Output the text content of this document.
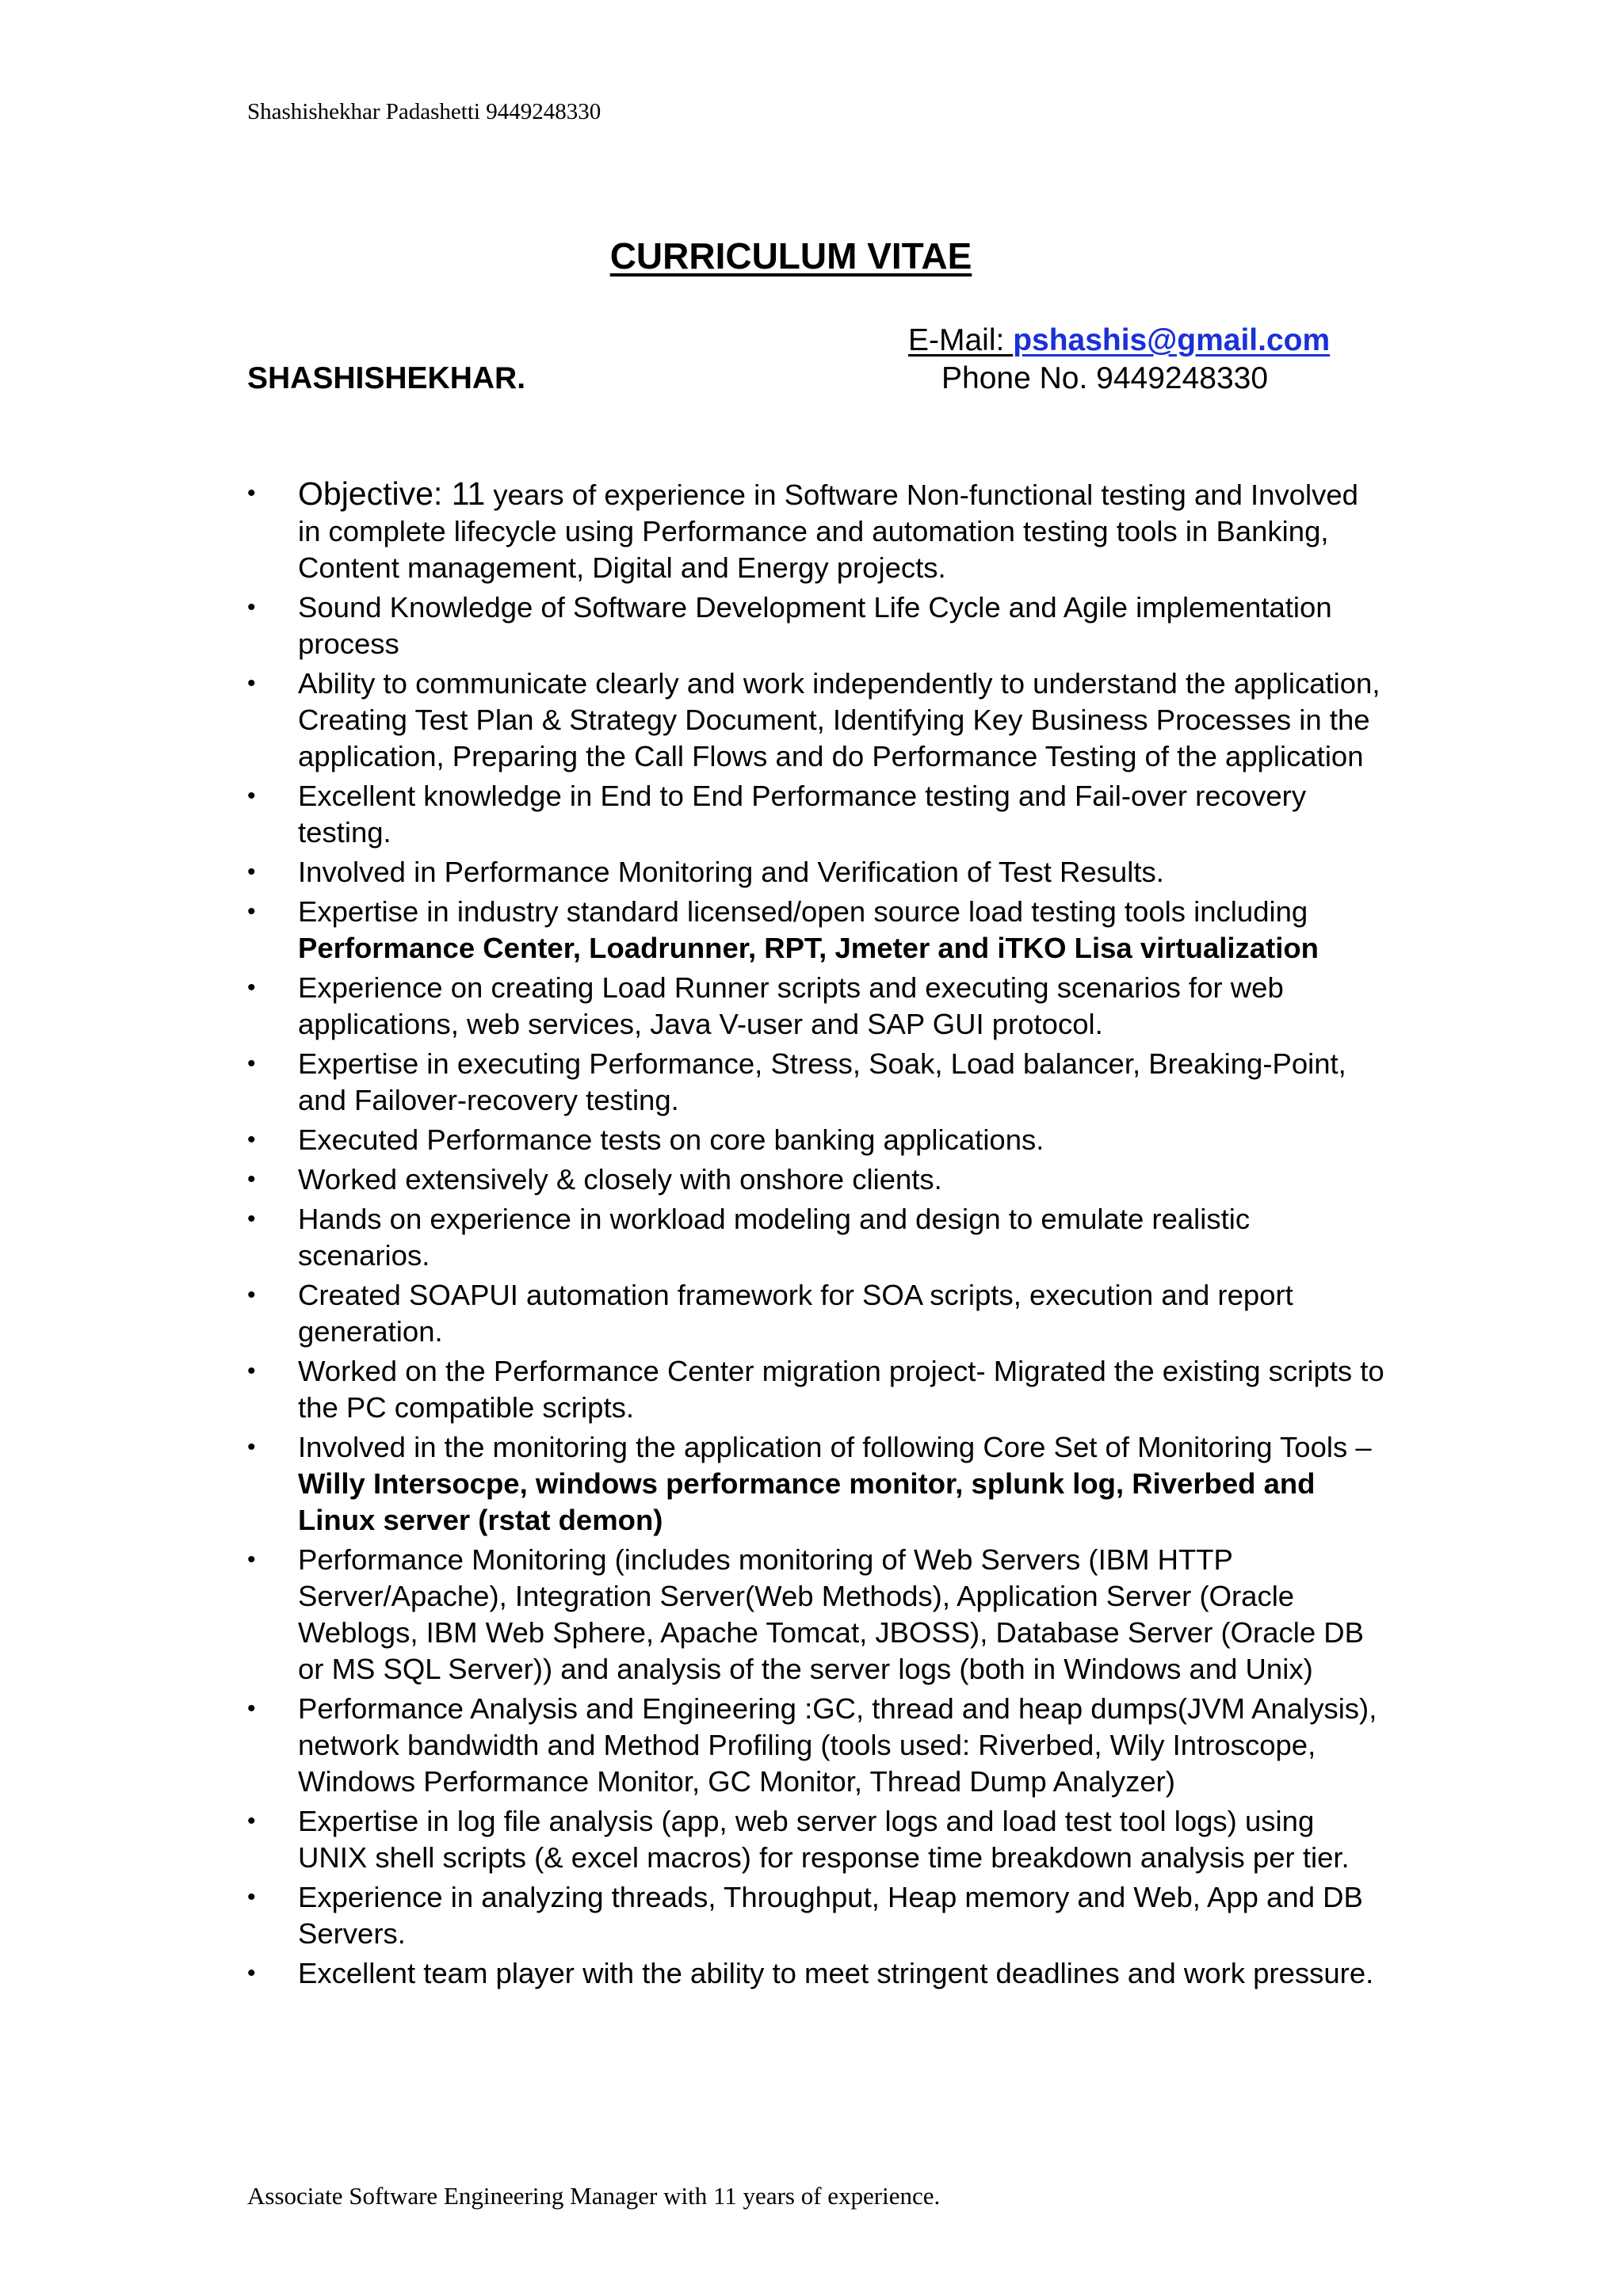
Shashishekhar Padashetti 9449248330
CURRICULUM VITAE
E-Mail: pshashis@gmail.com
SHASHISHEKHAR.	Phone No. 9449248330
•	Objective: 11 years of experience in Software Non-functional testing and Involved in complete lifecycle using Performance and automation testing tools in Banking, Content management, Digital and Energy projects.
•	Sound Knowledge of Software Development Life Cycle and Agile implementation process
•	Ability to communicate clearly and work independently to understand the application, Creating Test Plan & Strategy Document, Identifying Key Business Processes in the application, Preparing the Call Flows and do Performance Testing of the application
•	Excellent knowledge in End to End Performance testing and Fail-over recovery testing.
•	Involved in Performance Monitoring and Verification of Test Results.
•	Expertise in industry standard licensed/open source load testing tools including Performance Center, Loadrunner, RPT, Jmeter and iTKO Lisa virtualization
•	Experience on creating Load Runner scripts and executing scenarios for web applications, web services, Java V-user and SAP GUI protocol.
•	Expertise in executing Performance, Stress, Soak, Load balancer, Breaking-Point, and Failover-recovery testing.
•	Executed Performance tests on core banking applications.
•	Worked extensively & closely with onshore clients.
•	Hands on experience in workload modeling and design to emulate realistic scenarios.
•	Created SOAPUI automation framework for SOA scripts, execution and report generation.
•	Worked on the Performance Center migration project- Migrated the existing scripts to the PC compatible scripts.
•	Involved in the monitoring the application of following Core Set of Monitoring Tools – Willy Intersocpe, windows performance monitor, splunk log, Riverbed and Linux server (rstat demon)
•	Performance Monitoring (includes monitoring of Web Servers (IBM HTTP Server/Apache), Integration Server(Web Methods), Application Server (Oracle Weblogs, IBM Web Sphere, Apache Tomcat, JBOSS), Database Server (Oracle DB or MS SQL Server)) and analysis of the server logs (both in Windows and Unix)
•	Performance Analysis and Engineering :GC, thread and heap dumps(JVM Analysis), network bandwidth and Method Profiling (tools used: Riverbed, Wily Introscope, Windows Performance Monitor, GC Monitor, Thread Dump Analyzer)
•	Expertise in log file analysis (app, web server logs and load test tool logs) using UNIX shell scripts (& excel macros) for response time breakdown analysis per tier.
•	Experience in analyzing threads, Throughput, Heap memory and Web, App and DB Servers.
•	Excellent team player with the ability to meet stringent deadlines and work pressure.
Associate Software Engineering Manager with 11 years of experience.
